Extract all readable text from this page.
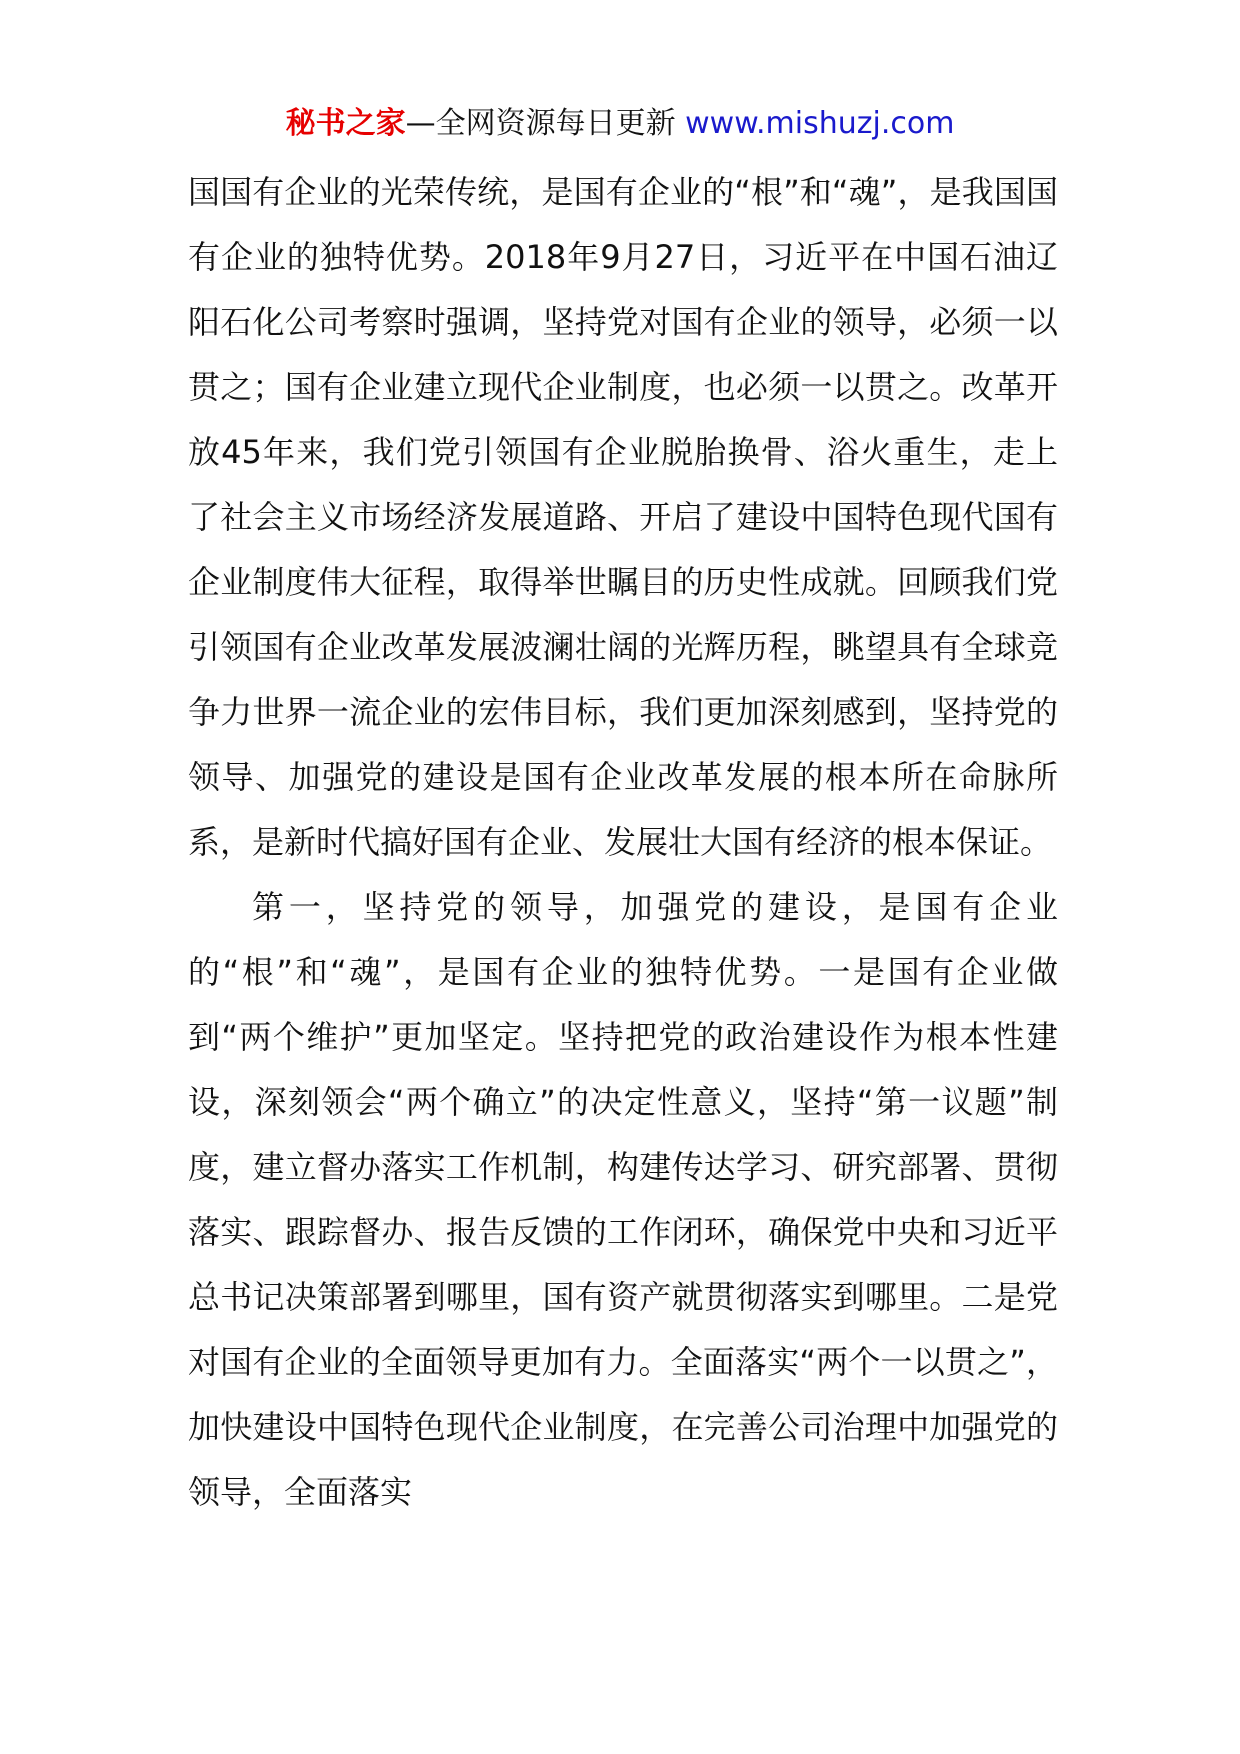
秘书之家—全网资源每日更新 www.mishuzj.com

国国有企业的光荣传统，是国有企业的“根”和“魂”，是我国国有企业的独特优势。2018年9月27日，习近平在中国石油辽阳石化公司考察时强调，坚持党对国有企业的领导，必须一以贯之；国有企业建立现代企业制度，也必须一以贯之。改革开放45年来，我们党引领国有企业脱胎换骨、浴火重生，走上了社会主义市场经济发展道路、开启了建设中国特色现代国有企业制度伟大征程，取得举世瞩目的历史性成就。回顾我们党引领国有企业改革发展波澜壮阔的光辉历程，眺望具有全球竞争力世界一流企业的宏伟目标，我们更加深刻感到，坚持党的领导、加强党的建设是国有企业改革发展的根本所在命脉所系，是新时代搞好国有企业、发展壮大国有经济的根本保证。

第一，坚持党的领导，加强党的建设，是国有企业的“根”和“魂”，是国有企业的独特优势。一是国有企业做到“两个维护”更加坚定。坚持把党的政治建设作为根本性建设，深刻领会“两个确立”的决定性意义，坚持“第一议题”制度，建立督办落实工作机制，构建传达学习、研究部署、贯彻落实、跟踪督办、报告反馈的工作闭环，确保党中央和习近平总书记决策部署到哪里，国有资产就贯彻落实到哪里。二是党对国有企业的全面领导更加有力。全面落实“两个一以贯之”，加快建设中国特色现代企业制度，在完善公司治理中加强党的领导，全面落实
